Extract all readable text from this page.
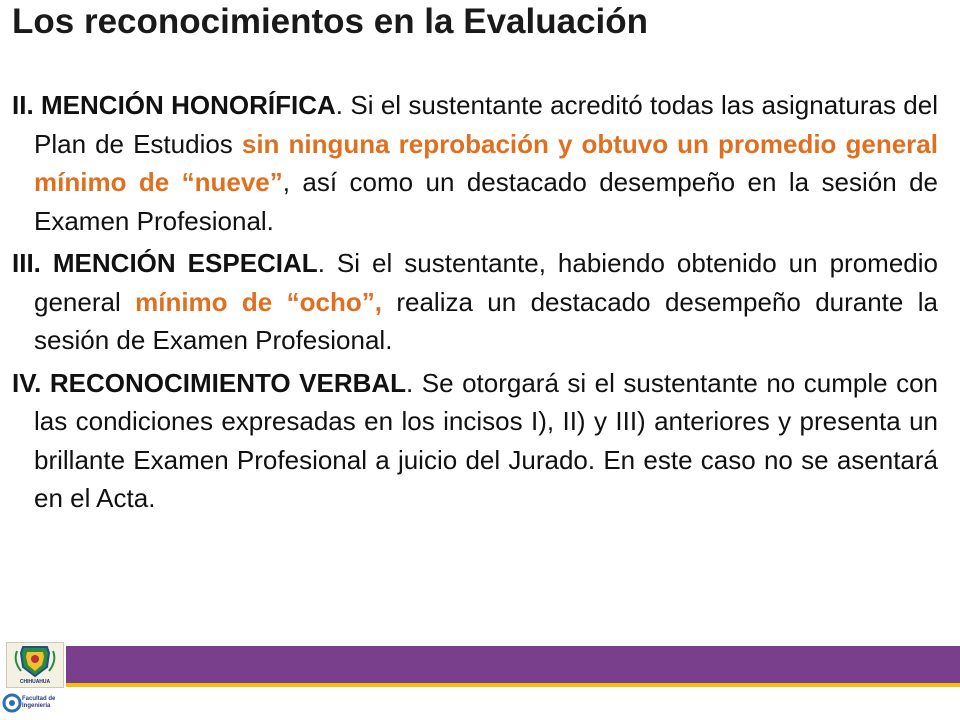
Los reconocimientos en la Evaluación

II. MENCIÓN HONORÍFICA. Si el sustentante acreditó todas las asignaturas del Plan de Estudios sin ninguna reprobación y obtuvo un promedio general mínimo de “nueve”, así como un destacado desempeño en la sesión de Examen Profesional.

III. MENCIÓN ESPECIAL. Si el sustentante, habiendo obtenido un promedio general mínimo de “ocho”, realiza un destacado desempeño durante la sesión de Examen Profesional.

IV. RECONOCIMIENTO VERBAL. Se otorgará si el sustentante no cumple con las condiciones expresadas en los incisos I), II) y III) anteriores y presenta un brillante Examen Profesional a juicio del Jurado. En este caso no se asentará en el Acta.

CHIHUAHUA
Facultad de
Ingeniería
